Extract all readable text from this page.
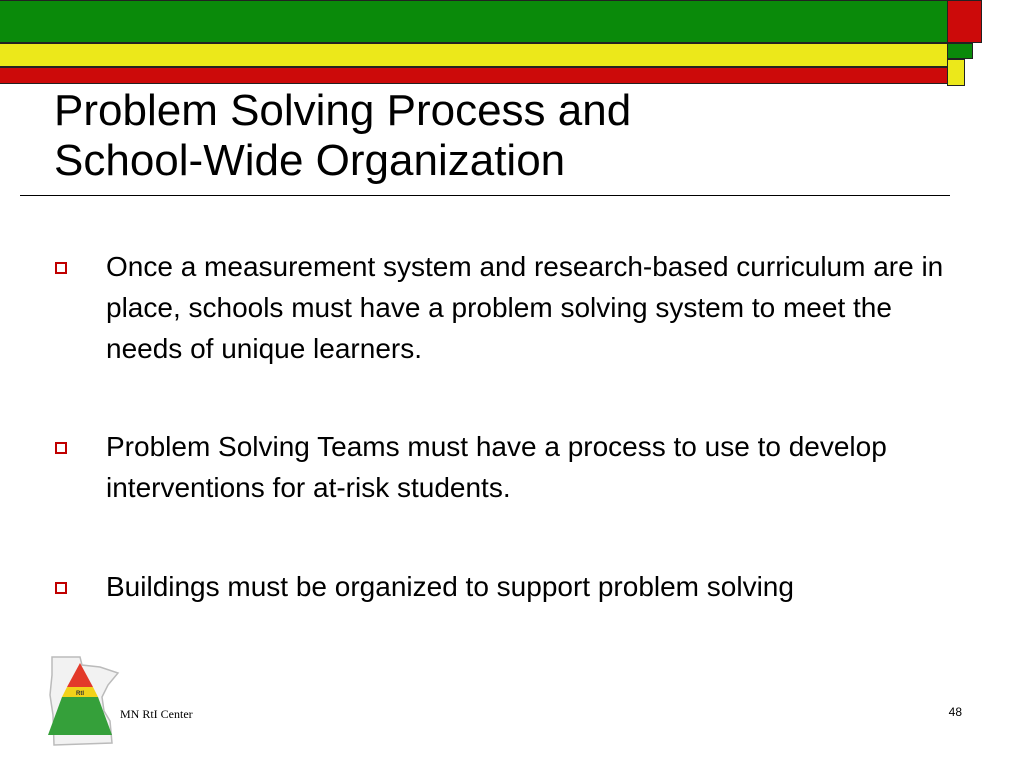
Problem Solving Process and
School-Wide Organization
Once a measurement system and research-based curriculum are in place, schools must have a problem solving system to meet the needs of unique learners.
Problem Solving Teams must have a process to use to develop interventions for at-risk students.
Buildings must be organized to support problem solving
RtI
MN RtI Center	48
